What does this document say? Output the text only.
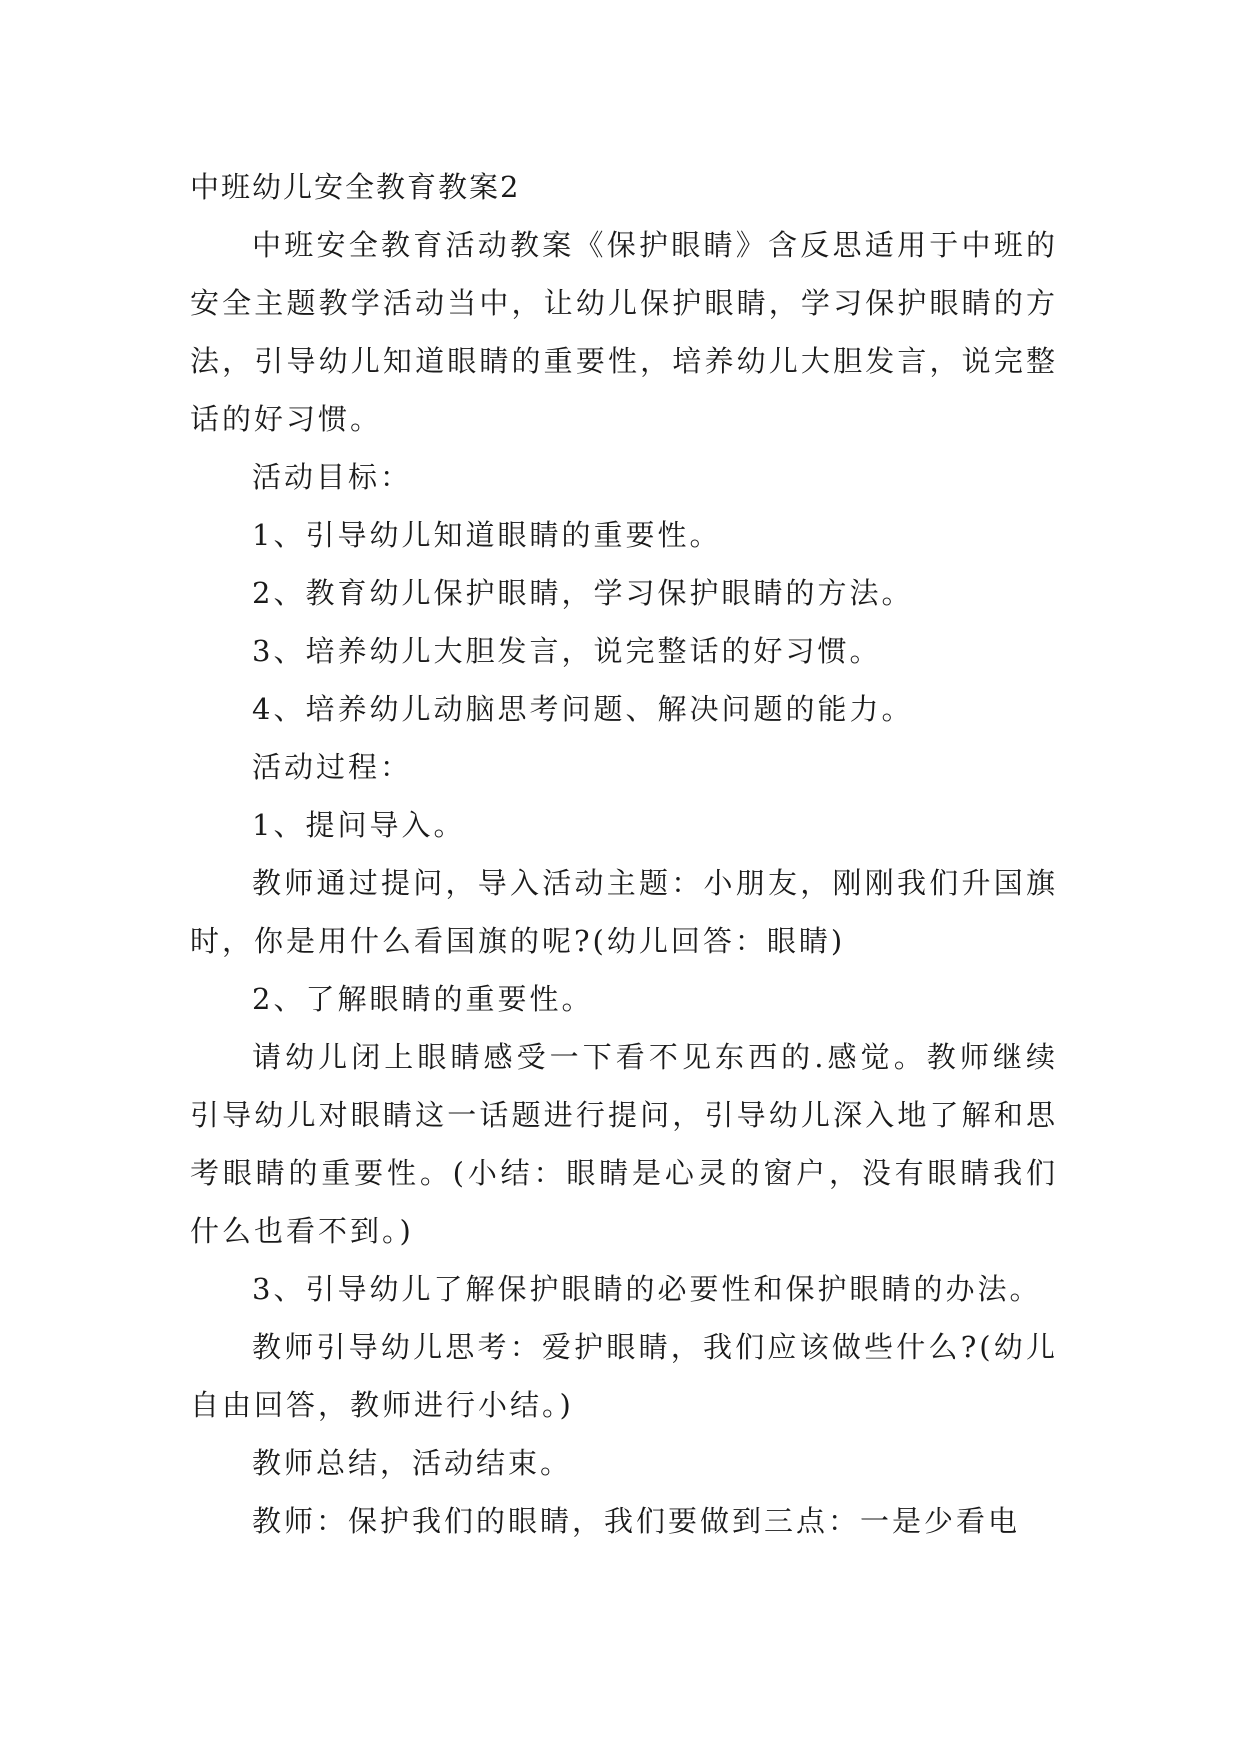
中班幼儿安全教育教案2

中班安全教育活动教案《保护眼睛》含反思适用于中班的安全主题教学活动当中，让幼儿保护眼睛，学习保护眼睛的方法，引导幼儿知道眼睛的重要性，培养幼儿大胆发言，说完整话的好习惯。

活动目标：

1、引导幼儿知道眼睛的重要性。

2、教育幼儿保护眼睛，学习保护眼睛的方法。

3、培养幼儿大胆发言，说完整话的好习惯。

4、培养幼儿动脑思考问题、解决问题的能力。

活动过程：

1、提问导入。

教师通过提问，导入活动主题：小朋友，刚刚我们升国旗时，你是用什么看国旗的呢?(幼儿回答：眼睛)

2、了解眼睛的重要性。

请幼儿闭上眼睛感受一下看不见东西的.感觉。教师继续引导幼儿对眼睛这一话题进行提问，引导幼儿深入地了解和思考眼睛的重要性。(小结：眼睛是心灵的窗户，没有眼睛我们什么也看不到。)

3、引导幼儿了解保护眼睛的必要性和保护眼睛的办法。

教师引导幼儿思考：爱护眼睛，我们应该做些什么?(幼儿自由回答，教师进行小结。)

教师总结，活动结束。

教师：保护我们的眼睛，我们要做到三点：一是少看电
